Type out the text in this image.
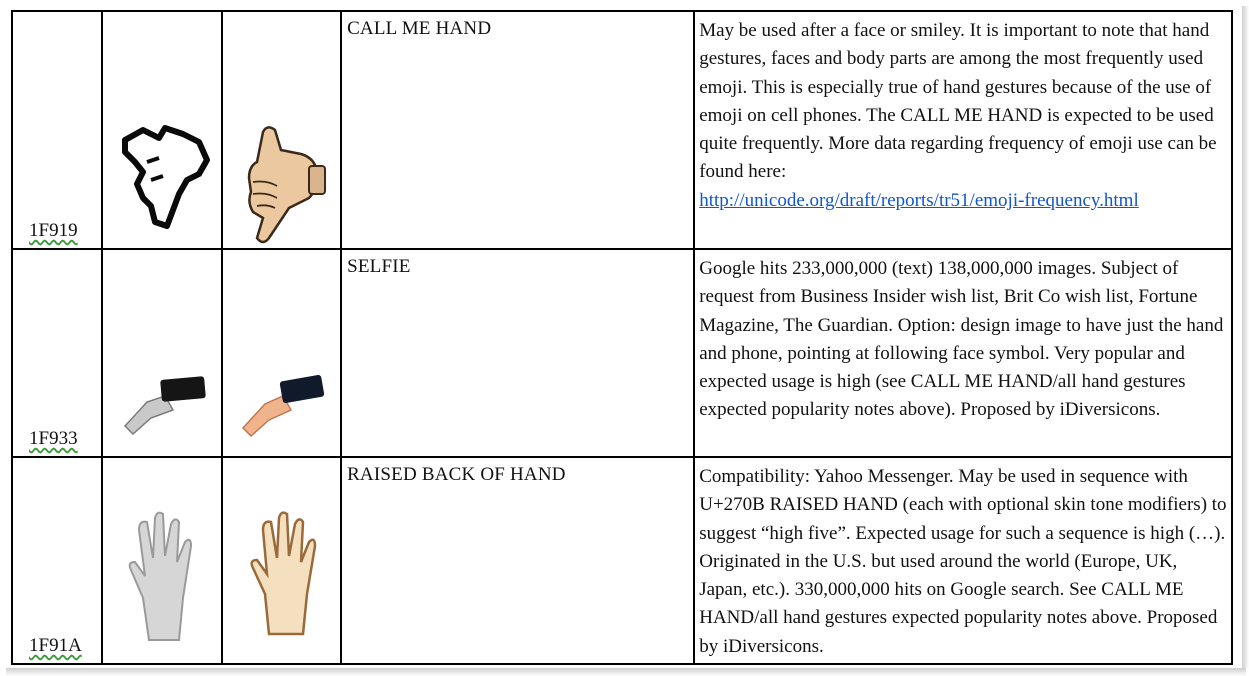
1F919			CALL ME HAND	May be used after a face or smiley. It is important to note that hand gestures, faces and body parts are among the most frequently used emoji. This is especially true of hand gestures because of the use of emoji on cell phones. The CALL ME HAND is expected to be used quite frequently. More data regarding frequency of emoji use can be found here:
http://unicode.org/draft/reports/tr51/emoji-frequency.html

1F933			SELFIE	Google hits 233,000,000 (text) 138,000,000 images. Subject of request from Business Insider wish list, Brit Co wish list, Fortune Magazine, The Guardian. Option: design image to have just the hand and phone, pointing at following face symbol. Very popular and expected usage is high (see CALL ME HAND/all hand gestures expected popularity notes above). Proposed by iDiversicons.

1F91A			RAISED BACK OF HAND	Compatibility: Yahoo Messenger. May be used in sequence with U+270B RAISED HAND (each with optional skin tone modifiers) to suggest “high five”. Expected usage for such a sequence is high (…). Originated in the U.S. but used around the world (Europe, UK, Japan, etc.). 330,000,000 hits on Google search. See CALL ME HAND/all hand gestures expected popularity notes above. Proposed by iDiversicons.
